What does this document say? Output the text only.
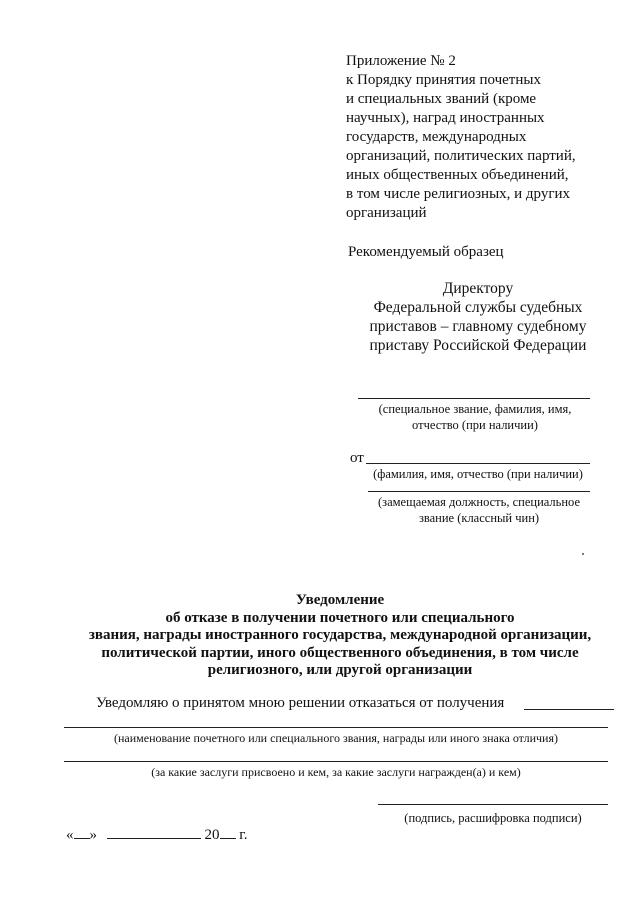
Приложение № 2
к Порядку принятия почетных
и специальных званий (кроме
научных), наград иностранных
государств, международных
организаций, политических партий,
иных общественных объединений,
в том числе религиозных, и других
организаций
Рекомендуемый образец
Директору
Федеральной службы судебных
приставов – главному судебному
приставу Российской Федерации
(специальное звание, фамилия, имя,
отчество (при наличии)
от
(фамилия, имя, отчество (при наличии)
(замещаемая должность, специальное
звание (классный чин)
Уведомление
об отказе в получении почетного или специального
звания, награды иностранного государства, международной организации,
политической партии, иного общественного объединения, в том числе
религиозного, или другой организации
Уведомляю о принятом мною решении отказаться от получения
(наименование почетного или специального звания, награды или иного знака отличия)
(за какие заслуги присвоено и кем, за какие заслуги награжден(а) и кем)
« »	20 г.
(подпись, расшифровка подписи)
